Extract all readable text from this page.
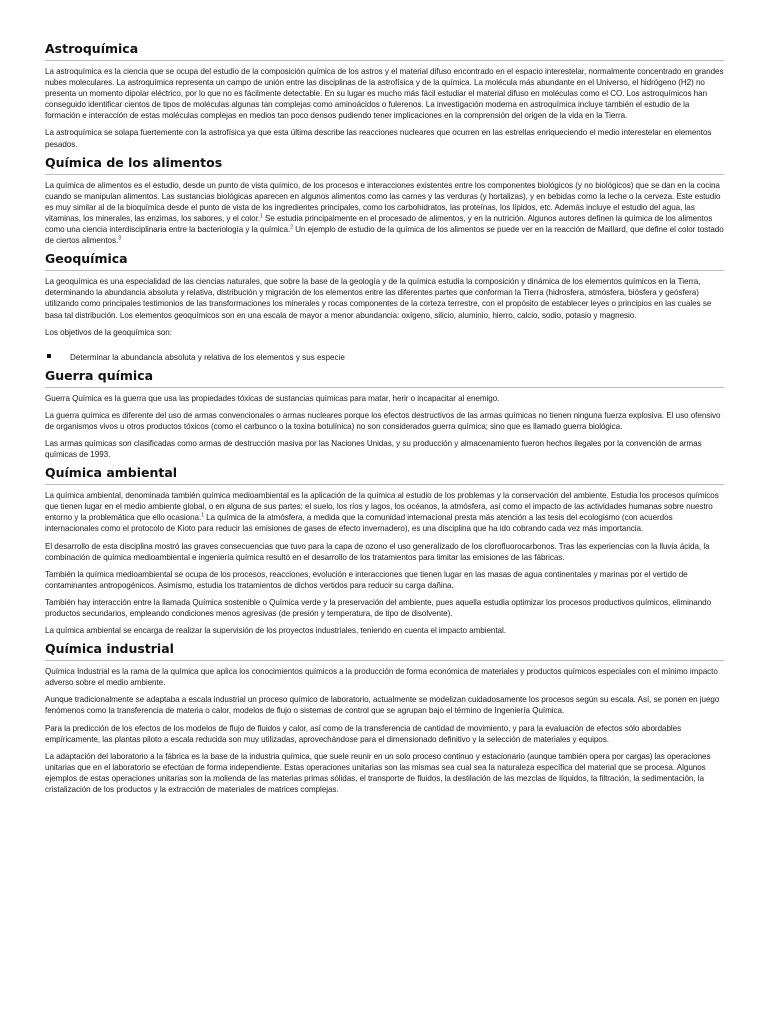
Astroquímica

La astroquímica es la ciencia que se ocupa del estudio de la composición química de los astros y el material difuso encontrado en el espacio interestelar, normalmente concentrado en grandes nubes moleculares. La astroquímica representa un campo de unión entre las disciplinas de la astrofísica y de la química. La molécula más abundante en el Universo, el hidrógeno (H2) no presenta un momento dipolar eléctrico, por lo que no es fácilmente detectable. En su lugar es mucho más fácil estudiar el material difuso en moléculas como el CO. Los astroquímicos han conseguido identificar cientos de tipos de moléculas algunas tan complejas como aminoácidos o fulerenos. La investigación moderna en astroquímica incluye también el estudio de la formación e interacción de estas moléculas complejas en medios tan poco densos pudiendo tener implicaciones en la comprensión del origen de la vida en la Tierra.

La astroquímica se solapa fuertemente con la astrofísica ya que esta última describe las reacciones nucleares que ocurren en las estrellas enriqueciendo el medio interestelar en elementos pesados.

Química de los alimentos

La química de alimentos es el estudio, desde un punto de vista químico, de los procesos e interacciones existentes entre los componentes biológicos (y no biológicos) que se dan en la cocina cuando se manipulan alimentos. Las sustancias biológicas aparecen en algunos alimentos como las carnes y las verduras (y hortalizas), y en bebidas como la leche o la cerveza. Este estudio es muy similar al de la bioquímica desde el punto de vista de los ingredientes principales, como los carbohidratos, las proteínas, los lípidos, etc. Además incluye el estudio del agua, las vitaminas, los minerales, las enzimas, los sabores, y el color.$^1$ Se estudia principalmente en el procesado de alimentos, y en la nutrición. Algunos autores definen la química de los alimentos como una ciencia interdisciplinaria entre la bacteriología y la química.$^2$ Un ejemplo de estudio de la química de los alimentos se puede ver en la reacción de Maillard, que define el color tostado de ciertos alimentos.$^3$

Geoquímica

La geoquímica es una especialidad de las ciencias naturales, que sobre la base de la geología y de la química estudia la composición y dinámica de los elementos químicos en la Tierra, determinando la abundancia absoluta y relativa, distribución y migración de los elementos entre las diferentes partes que conforman la Tierra (hidrosfera, atmósfera, biósfera y geósfera) utilizando como principales testimonios de las transformaciones los minerales y rocas componentes de la corteza terrestre, con el propósito de establecer leyes o principios en las cuales se basa tal distribución. Los elementos geoquímicos son en una escala de mayor a menor abundancia: oxígeno, silicio, aluminio, hierro, calcio, sodio, potasio y magnesio.

Los objetivos de la geoquímica son:

Determinar la abundancia absoluta y relativa de los elementos y sus especie
Guerra química

Guerra Química es la guerra que usa las propiedades tóxicas de sustancias químicas para matar, herir o incapacitar al enemigo.

La guerra química es diferente del uso de armas convencionales o armas nucleares porque los efectos destructivos de las armas químicas no tienen ninguna fuerza explosiva. El uso ofensivo de organismos vivos u otros productos tóxicos (como el carbunco o la toxina botulínica) no son considerados guerra química; sino que es llamado guerra biológica.

Las armas químicas son clasificadas como armas de destrucción masiva por las Naciones Unidas, y su producción y almacenamiento fueron hechos ilegales por la convención de armas químicas de 1993.

Química ambiental

La química ambiental, denominada también química medioambiental es la aplicación de la química al estudio de los problemas y la conservación del ambiente. Estudia los procesos químicos que tienen lugar en el medio ambiente global, o en alguna de sus partes: el suelo, los ríos y lagos, los océanos, la atmósfera, así como el impacto de las actividades humanas sobre nuestro entorno y la problemática que ello ocasiona.$^1$ La química de la atmósfera, a medida que la comunidad internacional presta más atención a las tesis del ecologismo (con acuerdos internacionales como el protocolo de Kioto para reducir las emisiones de gases de efecto invernadero), es una disciplina que ha ido cobrando cada vez más importancia.

El desarrollo de esta disciplina mostró las graves consecuencias que tuvo para la capa de ozono el uso generalizado de los clorofluorocarbonos. Tras las experiencias con la lluvia ácida, la combinación de química medioambiental e ingeniería química resultó en el desarrollo de los tratamientos para limitar las emisiones de las fábricas.

También la química medioambiental se ocupa de los procesos, reacciones, evolución e interacciones que tienen lugar en las masas de agua continentales y marinas por el vertido de contaminantes antropogénicos. Asimismo, estudia los tratamientos de dichos vertidos para reducir su carga dañina.

También hay interacción entre la llamada Química sostenible o Química verde y la preservación del ambiente, pues aquella estudia optimizar los procesos productivos químicos, eliminando productos secundarios, empleando condiciones menos agresivas (de presión y temperatura, de tipo de disolvente).

La química ambiental se encarga de realizar la supervisión de los proyectos industriales, teniendo en cuenta el impacto ambiental.

Química industrial

Química Industrial es la rama de la química que aplica los conocimientos químicos a la producción de forma económica de materiales y productos químicos especiales con el mínimo impacto adverso sobre el medio ambiente.

Aunque tradicionalmente se adaptaba a escala industrial un proceso químico de laboratorio, actualmente se modelizan cuidadosamente los procesos según su escala. Así, se ponen en juego fenómenos como la transferencia de materia o calor, modelos de flujo o sistemas de control que se agrupan bajo el término de Ingeniería Química.

Para la predicción de los efectos de los modelos de flujo de fluidos y calor, así como de la transferencia de cantidad de movimiento, y para la evaluación de efectos sólo abordables empíricamente, las plantas piloto a escala reducida son muy utilizadas, aprovechándose para el dimensionado definitivo y la selección de materiales y equipos.

La adaptación del laboratorio a la fábrica es la base de la industria química, que suele reunir en un solo proceso continuo y estacionario (aunque también opera por cargas) las operaciones unitarias que en el laboratorio se efectúan de forma independiente. Estas operaciones unitarias son las mismas sea cual sea la naturaleza específica del material que se procesa. Algunos ejemplos de estas operaciones unitarias son la molienda de las materias primas sólidas, el transporte de fluidos, la destilación de las mezclas de líquidos, la filtración, la sedimentación, la cristalización de los productos y la extracción de materiales de matrices complejas.
